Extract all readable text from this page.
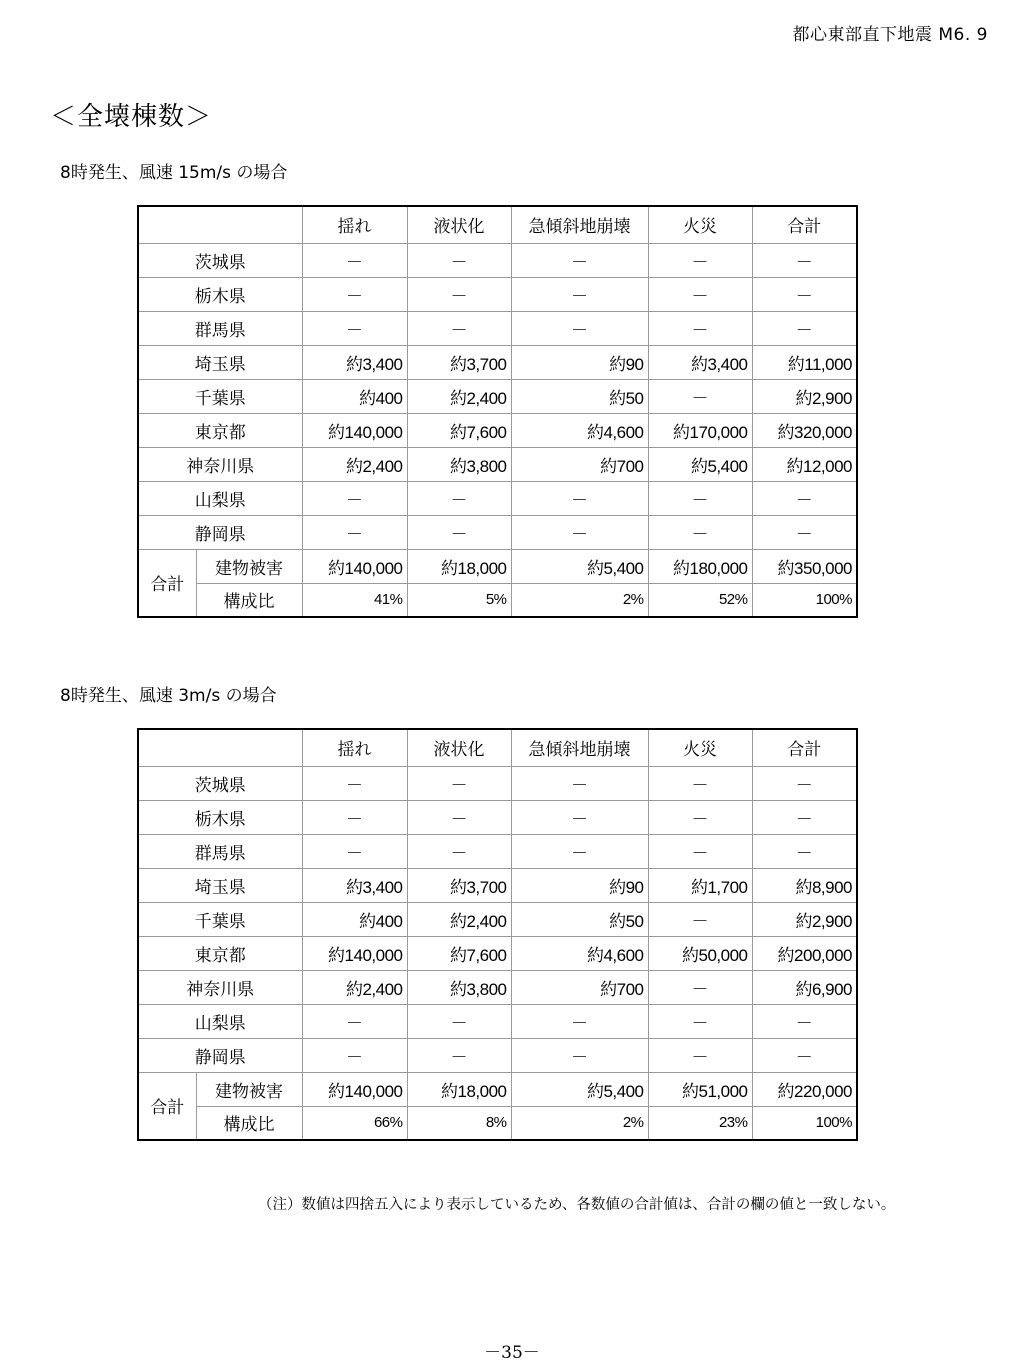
都心東部直下地震 M6. 9
＜全壊棟数＞
8時発生、風速 15m/s の場合
		揺れ	液状化	急傾斜地崩壊	火災	合計
茨城県		－	－	－	－	－
栃木県		－	－	－	－	－
群馬県		－	－	－	－	－
埼玉県		約3,400	約3,700	約90	約3,400	約11,000
千葉県		約400	約2,400	約50	－	約2,900
東京都		約140,000	約7,600	約4,600	約170,000	約320,000
神奈川県		約2,400	約3,800	約700	約5,400	約12,000
山梨県		－	－	－	－	－
静岡県		－	－	－	－	－
合計	建物被害	約140,000	約18,000	約5,400	約180,000	約350,000
	構成比	41%	5%	2%	52%	100%
8時発生、風速 3m/s の場合
		揺れ	液状化	急傾斜地崩壊	火災	合計
茨城県		－	－	－	－	－
栃木県		－	－	－	－	－
群馬県		－	－	－	－	－
埼玉県		約3,400	約3,700	約90	約1,700	約8,900
千葉県		約400	約2,400	約50	－	約2,900
東京都		約140,000	約7,600	約4,600	約50,000	約200,000
神奈川県		約2,400	約3,800	約700	－	約6,900
山梨県		－	－	－	－	－
静岡県		－	－	－	－	－
合計	建物被害	約140,000	約18,000	約5,400	約51,000	約220,000
	構成比	66%	8%	2%	23%	100%
（注）数値は四捨五入により表示しているため、各数値の合計値は、合計の欄の値と一致しない。
－35－
